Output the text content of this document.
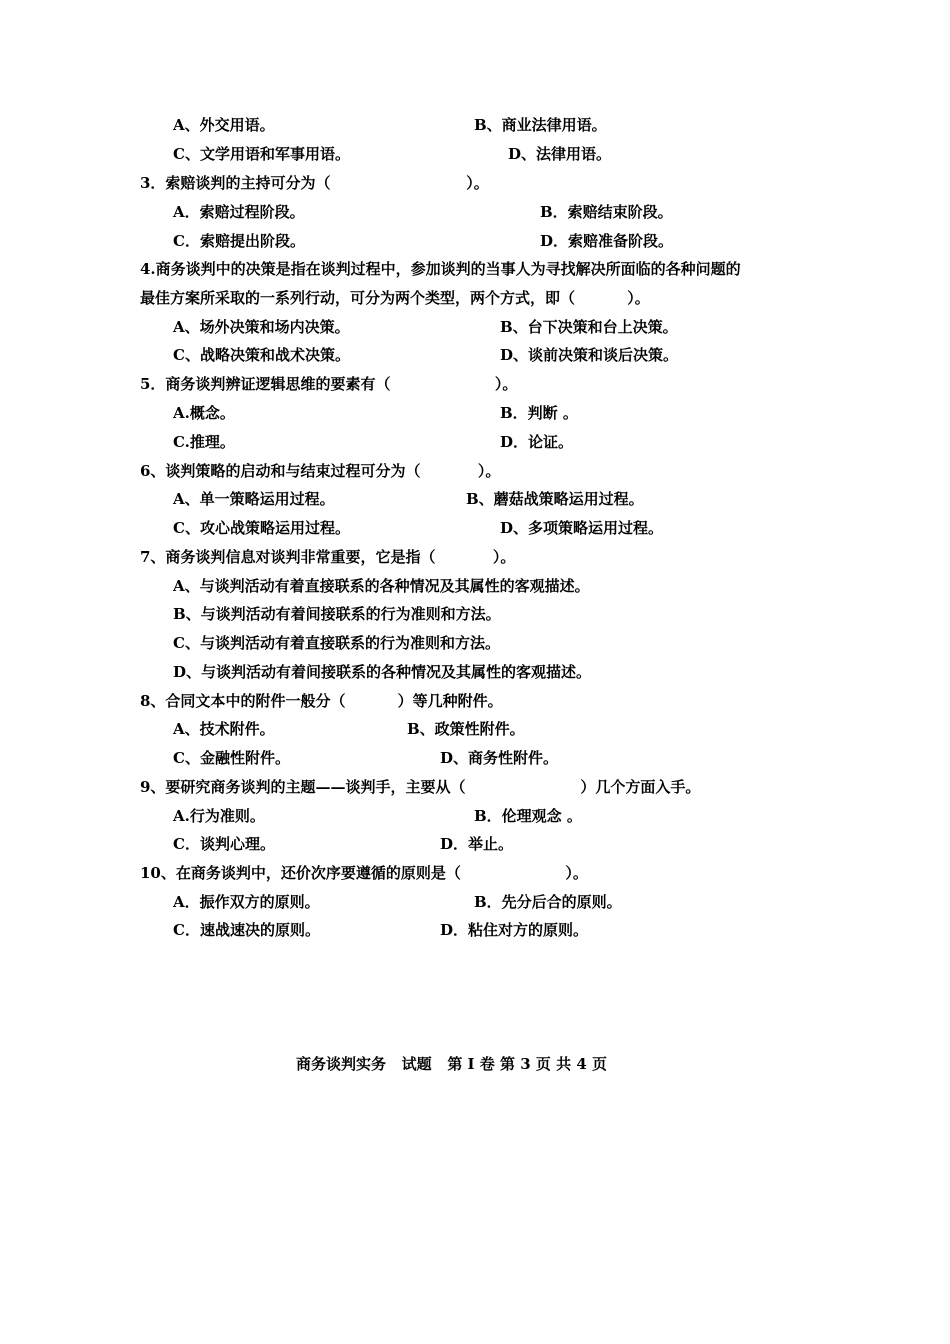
A、外交用语。	B、商业法律用语。
C、文学用语和军事用语。	D、法律用语。
3．索赔谈判的主持可分为（                          ）。
A．索赔过程阶段。	B．索赔结束阶段。
C．索赔提出阶段。	D．索赔准备阶段。
4.商务谈判中的决策是指在谈判过程中，参加谈判的当事人为寻找解决所面临的各种问题的
最佳方案所采取的一系列行动，可分为两个类型，两个方式，即（          ）。
A、场外决策和场内决策。	B、台下决策和台上决策。
C、战略决策和战术决策。	D、谈前决策和谈后决策。
5．商务谈判辨证逻辑思维的要素有（                    ）。
A.概念。	B．判断 。
C.推理。	D．论证。
6、谈判策略的启动和与结束过程可分为（           ）。
A、单一策略运用过程。	B、蘑菇战策略运用过程。
C、攻心战策略运用过程。	D、多项策略运用过程。
7、商务谈判信息对谈判非常重要，它是指（           ）。
A、与谈判活动有着直接联系的各种情况及其属性的客观描述。
B、与谈判活动有着间接联系的行为准则和方法。
C、与谈判活动有着直接联系的行为准则和方法。
D、与谈判活动有着间接联系的各种情况及其属性的客观描述。
8、合同文本中的附件一般分（          ）等几种附件。
A、技术附件。	B、政策性附件。
C、金融性附件。	D、商务性附件。
9、要研究商务谈判的主题——谈判手，主要从（                      ）几个方面入手。
A.行为准则。	B．伦理观念 。
C．谈判心理。	D．举止。
10、在商务谈判中，还价次序要遵循的原则是（                    ）。
A．振作双方的原则。	B．先分后合的原则。
C．速战速决的原则。	D．粘住对方的原则。
商务谈判实务   试题   第 I 卷 第 3 页 共 4 页
